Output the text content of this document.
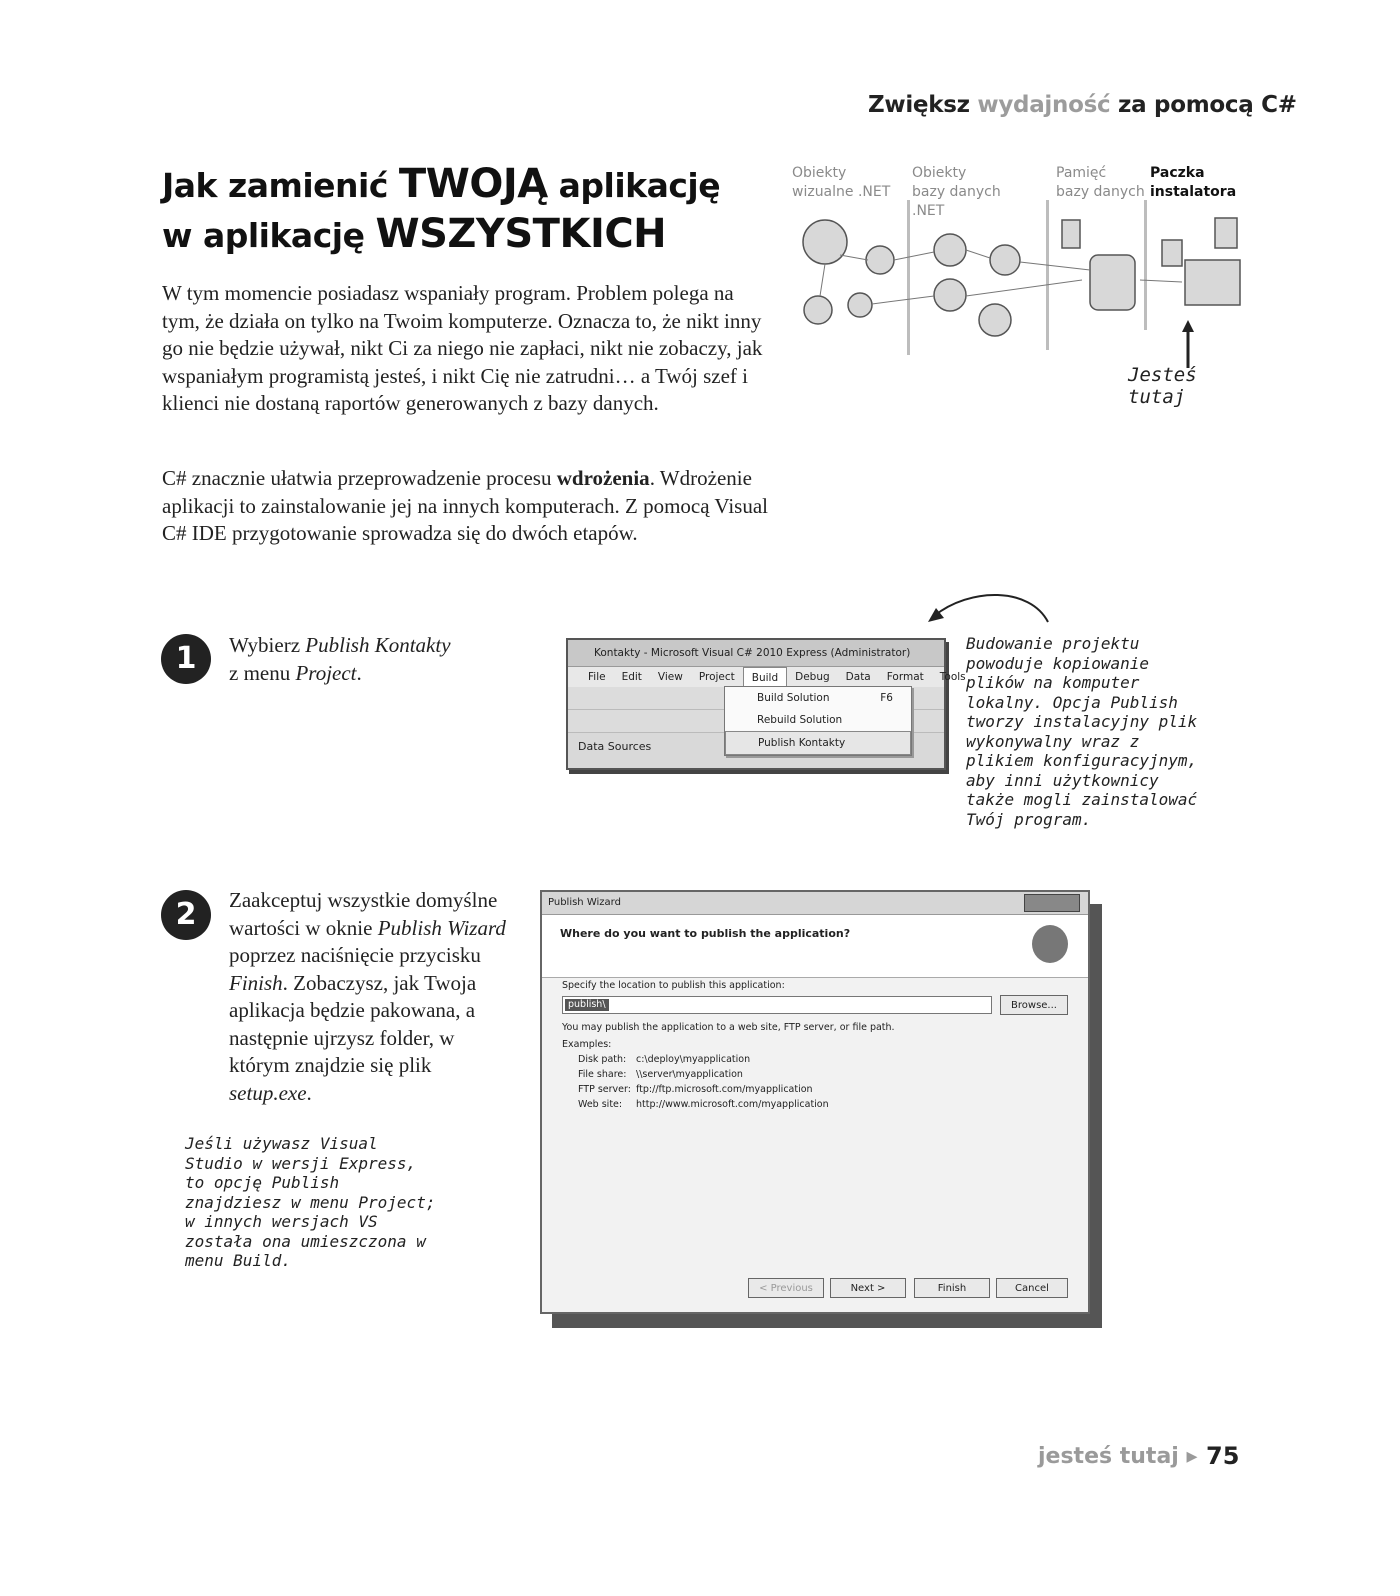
Zwiększ wydajność za pomocą C#
Jak zamienić TWOJĄ aplikację
w aplikację WSZYSTKICH
W tym momencie posiadasz wspaniały program. Problem polega na tym, że działa on tylko na Twoim komputerze. Oznacza to, że nikt inny go nie będzie używał, nikt Ci za niego nie zapłaci, nikt nie zobaczy, jak wspaniałym programistą jesteś, i nikt Cię nie zatrudni… a Twój szef i klienci nie dostaną raportów generowanych z bazy danych.
C# znacznie ułatwia przeprowadzenie procesu wdrożenia. Wdrożenie aplikacji to zainstalowanie jej na innych komputerach. Z pomocą Visual C# IDE przygotowanie sprowadza się do dwóch etapów.
Obiekty
wizualne .NET
Obiekty
bazy danych
.NET
Pamięć
bazy danych
Paczka
instalatora
Jesteś tutaj
1	Wybierz Publish Kontakty
z menu Project.
Kontakty - Microsoft Visual C# 2010 Express (Administrator)
File	Edit	View	Project	Build	Debug	Data	Format	Tools
Data Sources
Build Solution	F6
Rebuild Solution
Publish Kontakty
Budowanie projektu powoduje kopiowanie plików na komputer lokalny. Opcja Publish tworzy instalacyjny plik wykonywalny wraz z plikiem konfiguracyjnym, aby inni użytkownicy także mogli zainstalować Twój program.
2	Zaakceptuj wszystkie domyślne wartości w oknie Publish Wizard poprzez naciśnięcie przycisku Finish. Zobaczysz, jak Twoja aplikacja będzie pakowana, a następnie ujrzysz folder, w którym znajdzie się plik setup.exe.
Jeśli używasz Visual Studio w wersji Express, to opcję Publish znajdziesz w menu Project; w innych wersjach VS została ona umieszczona w menu Build.
Publish Wizard
Where do you want to publish the application?
Specify the location to publish this application:
publish\	Browse...
You may publish the application to a web site, FTP server, or file path.
Examples:
Disk path: c:\deploy\myapplication
File share: \\server\myapplication
FTP server: ftp://ftp.microsoft.com/myapplication
Web site: http://www.microsoft.com/myapplication
< Previous	Next >	Finish	Cancel
jesteś tutaj ▸ 75
